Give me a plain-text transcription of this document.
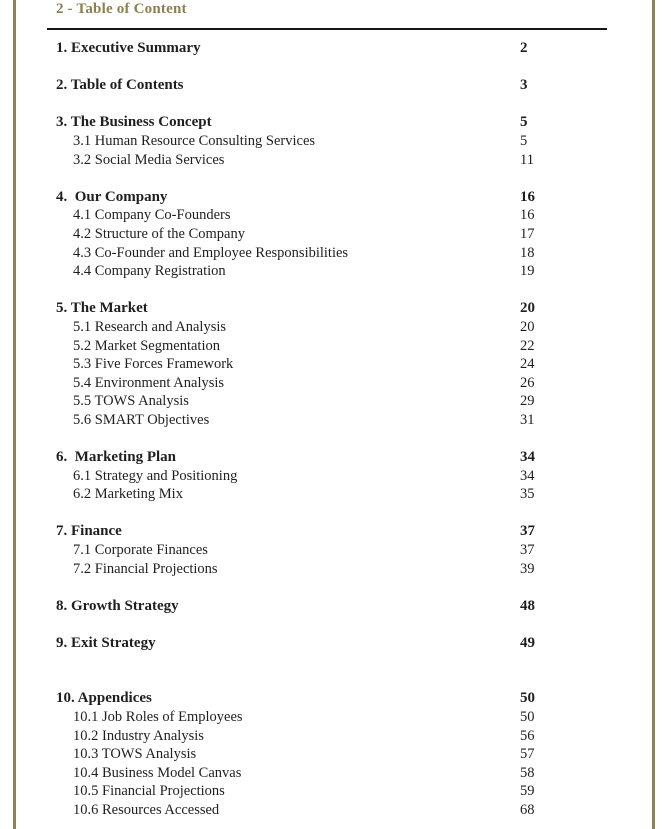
2 - Table of Content
1. Executive Summary	2
2. Table of Contents	3
3. The Business Concept	5
3.1 Human Resource Consulting Services	5
3.2 Social Media Services	11
4.  Our Company	16
4.1 Company Co-Founders	16
4.2 Structure of the Company	17
4.3 Co-Founder and Employee Responsibilities	18
4.4 Company Registration	19
5. The Market	20
5.1 Research and Analysis	20
5.2 Market Segmentation	22
5.3 Five Forces Framework	24
5.4 Environment Analysis	26
5.5 TOWS Analysis	29
5.6 SMART Objectives	31
6.  Marketing Plan	34
6.1 Strategy and Positioning	34
6.2 Marketing Mix	35
7. Finance	37
7.1 Corporate Finances	37
7.2 Financial Projections	39
8. Growth Strategy	48
9. Exit Strategy	49
10. Appendices	50
10.1 Job Roles of Employees	50
10.2 Industry Analysis	56
10.3 TOWS Analysis	57
10.4 Business Model Canvas	58
10.5 Financial Projections	59
10.6 Resources Accessed	68
